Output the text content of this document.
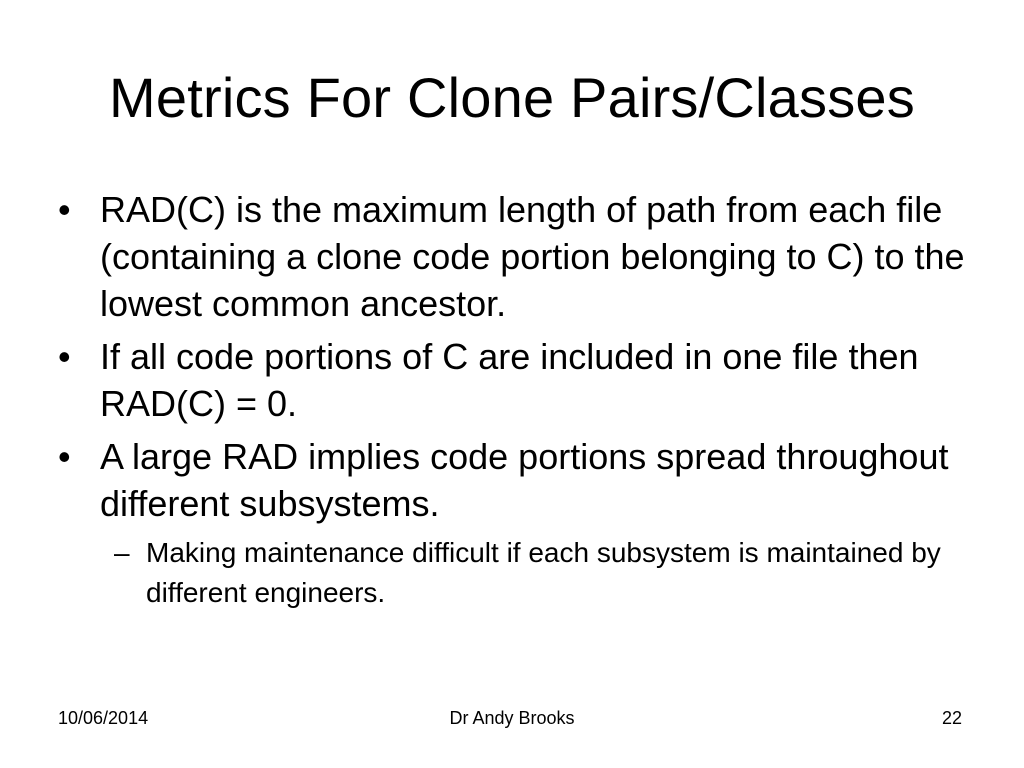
Metrics For Clone Pairs/Classes
• RAD(C) is the maximum length of path from each file (containing a clone code portion belonging to C) to the lowest common ancestor.
• If all code portions of C are included in one file then RAD(C) = 0.
• A large RAD implies code portions spread throughout different subsystems.
– Making maintenance difficult if each subsystem is maintained by different engineers.
10/06/2014	Dr Andy Brooks	22
